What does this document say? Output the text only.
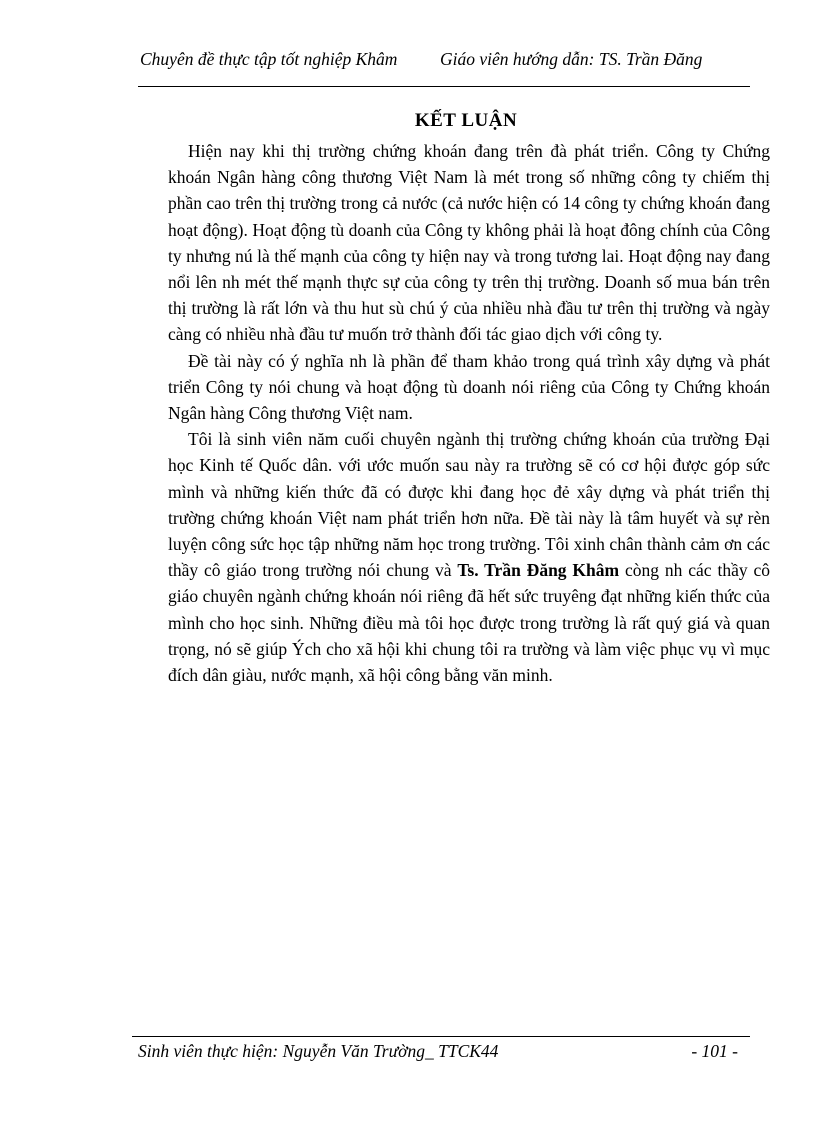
Chuyên đề thực tập tốt nghiệp Khâm	Giáo viên hướng dẫn: TS. Trần Đăng
KẾT LUẬN

Hiện nay khi thị trường chứng khoán đang trên đà phát triển. Công ty Chứng khoán Ngân hàng công thương Việt Nam là mét trong số những công ty chiếm thị phần cao trên thị trường trong cả nước (cả nước hiện có 14 công ty chứng khoán đang hoạt động). Hoạt động tù doanh của Công ty không phải là hoạt đông chính của Công ty nhưng nú là thế mạnh của công ty hiện nay và trong tương lai. Hoạt động nay đang nổi lên nh mét thế mạnh thực sự của công ty trên thị trường. Doanh số mua bán trên thị trường là rất lớn và thu hut sù chú ý của nhiều nhà đầu tư trên thị trường và ngày càng có nhiều nhà đầu tư muốn trở thành đối tác giao dịch với công ty.

Đề tài này có ý nghĩa nh là phần để tham khảo trong quá trình xây dựng và phát triển Công ty nói chung và hoạt động tù doanh nói riêng của Công ty Chứng khoán Ngân hàng Công thương Việt nam.

Tôi là sinh viên năm cuối chuyên ngành thị trường chứng khoán của trường Đại học Kinh tế Quốc dân. với ước muốn sau này ra trường sẽ có cơ hội được góp sức mình và những kiến thức đã có được khi đang học đẻ xây dựng và phát triển thị trường chứng khoán Việt nam phát triển hơn nữa. Đề tài này là tâm huyết và sự rèn luyện công sức học tập những năm học trong trường. Tôi xinh chân thành cảm ơn các thầy cô giáo trong trường nói chung và Ts. Trần Đăng Khâm còng nh các thầy cô giáo chuyên ngành chứng khoán nói riêng đã hết sức truyêng đạt những kiến thức của mình cho học sinh. Những điều mà tôi học được trong trường là rất quý giá và quan trọng, nó sẽ giúp Ých cho xã hội khi chung tôi ra trường và làm việc phục vụ vì mục đích dân giàu, nước mạnh, xã hội công bằng văn minh.

Sinh viên thực hiện: Nguyễn Văn Trường_ TTCK44	- 101 -
